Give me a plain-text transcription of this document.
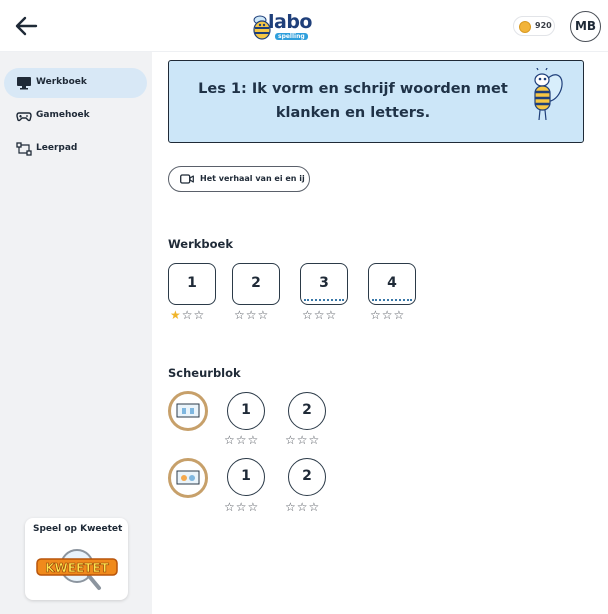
labo
spelling
920	MB
Werkboek
Gamehoek
Leerpad
Speel op Kweetet
KWEETET
Les 1: Ik vorm en schrijf woorden met
klanken en letters.
Het verhaal van ei en ij
Werkboek
1
★☆☆
2
☆☆☆
3
☆☆☆
4
☆☆☆
Scheurblok
1
☆☆☆
2
☆☆☆
1
☆☆☆
2
☆☆☆
